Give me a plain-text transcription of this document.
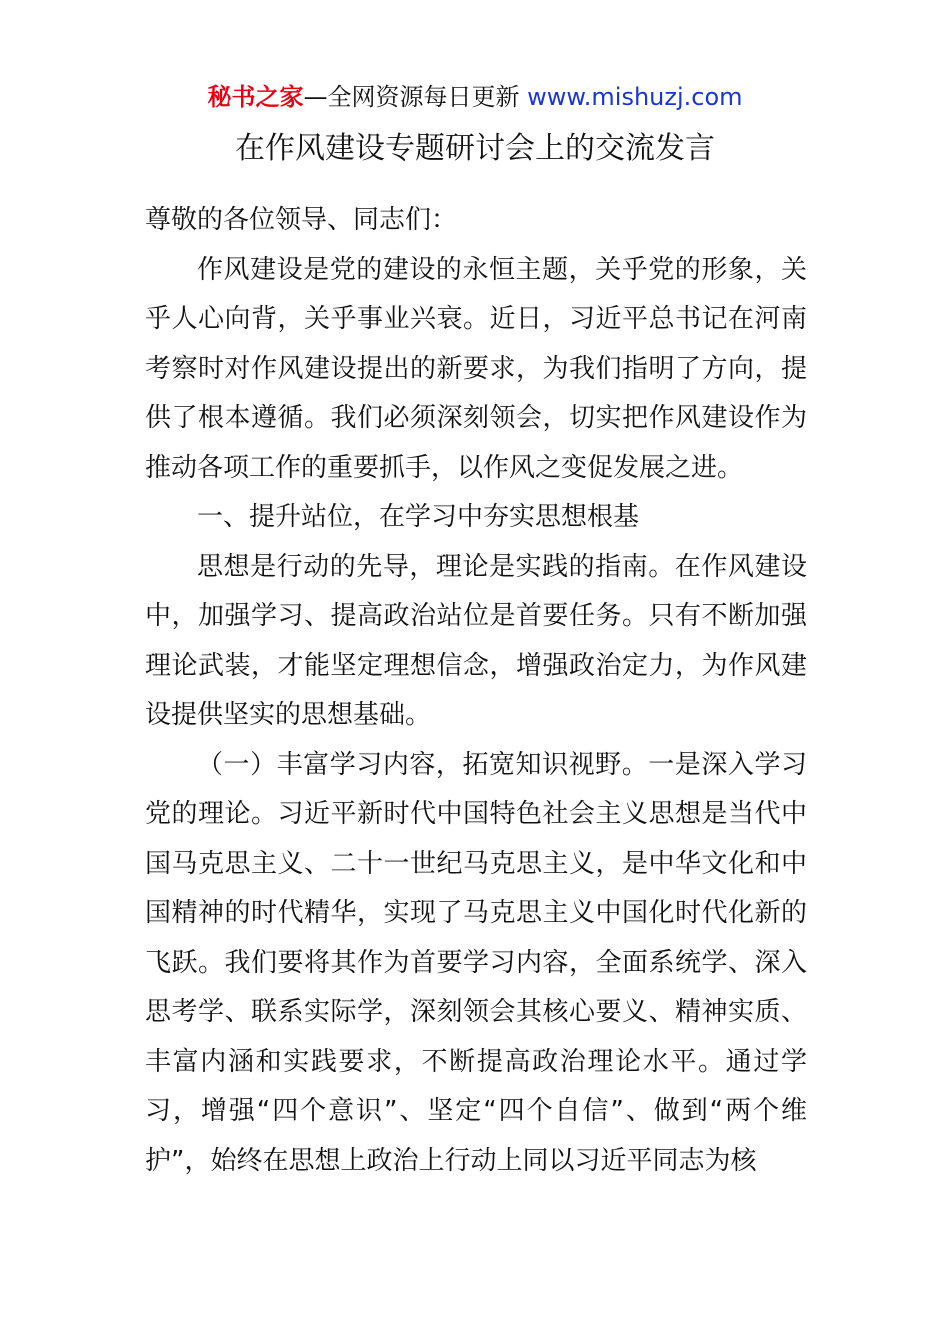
秘书之家—全网资源每日更新 www.mishuzj.com
在作风建设专题研讨会上的交流发言

尊敬的各位领导、同志们：

作风建设是党的建设的永恒主题，关乎党的形象，关乎人心向背，关乎事业兴衰。近日，习近平总书记在河南考察时对作风建设提出的新要求，为我们指明了方向，提供了根本遵循。我们必须深刻领会，切实把作风建设作为推动各项工作的重要抓手，以作风之变促发展之进。

一、提升站位，在学习中夯实思想根基

思想是行动的先导，理论是实践的指南。在作风建设中，加强学习、提高政治站位是首要任务。只有不断加强理论武装，才能坚定理想信念，增强政治定力，为作风建设提供坚实的思想基础。

（一）丰富学习内容，拓宽知识视野。一是深入学习党的理论。习近平新时代中国特色社会主义思想是当代中国马克思主义、二十一世纪马克思主义，是中华文化和中国精神的时代精华，实现了马克思主义中国化时代化新的飞跃。我们要将其作为首要学习内容，全面系统学、深入思考学、联系实际学，深刻领会其核心要义、精神实质、丰富内涵和实践要求，不断提高政治理论水平。通过学习，增强“四个意识”、坚定“四个自信”、做到“两个维护”，始终在思想上政治上行动上同以习近平同志为核
